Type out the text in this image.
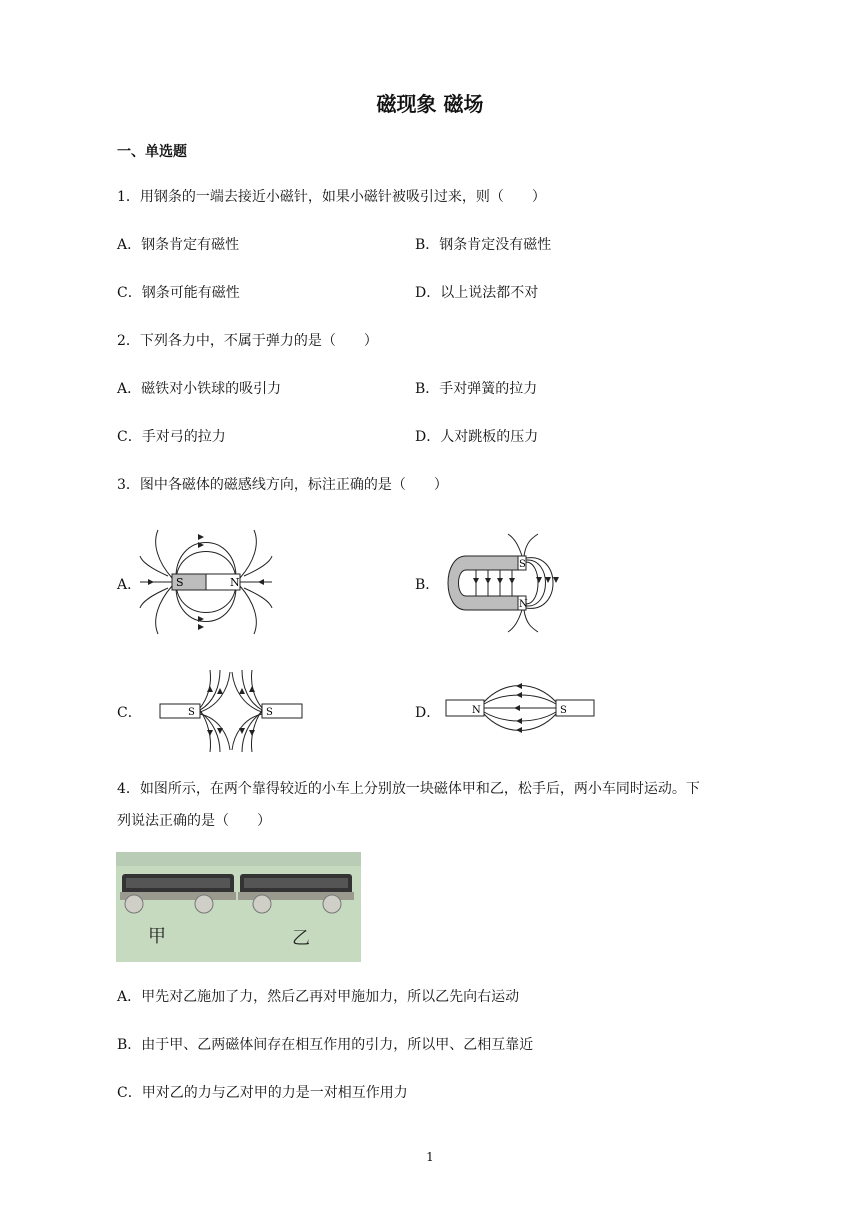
磁现象 磁场
一、单选题
1．用钢条的一端去接近小磁针，如果小磁针被吸引过来，则（　　）
A．钢条肯定有磁性	B．钢条肯定没有磁性
C．钢条可能有磁性	D．以上说法都不对
2．下列各力中，不属于弹力的是（　　）
A．磁铁对小铁球的吸引力	B．手对弹簧的拉力
C．手对弓的拉力	D．人对跳板的压力
3．图中各磁体的磁感线方向，标注正确的是（　　）
A．	B．
C．	D．
S	N
S
N
S	S	N	S
4．如图所示，在两个靠得较近的小车上分别放一块磁体甲和乙，松手后，两小车同时运动。下
列说法正确的是（　　）
甲	乙
A．甲先对乙施加了力，然后乙再对甲施加力，所以乙先向右运动
B．由于甲、乙两磁体间存在相互作用的引力，所以甲、乙相互靠近
C．甲对乙的力与乙对甲的力是一对相互作用力
1
